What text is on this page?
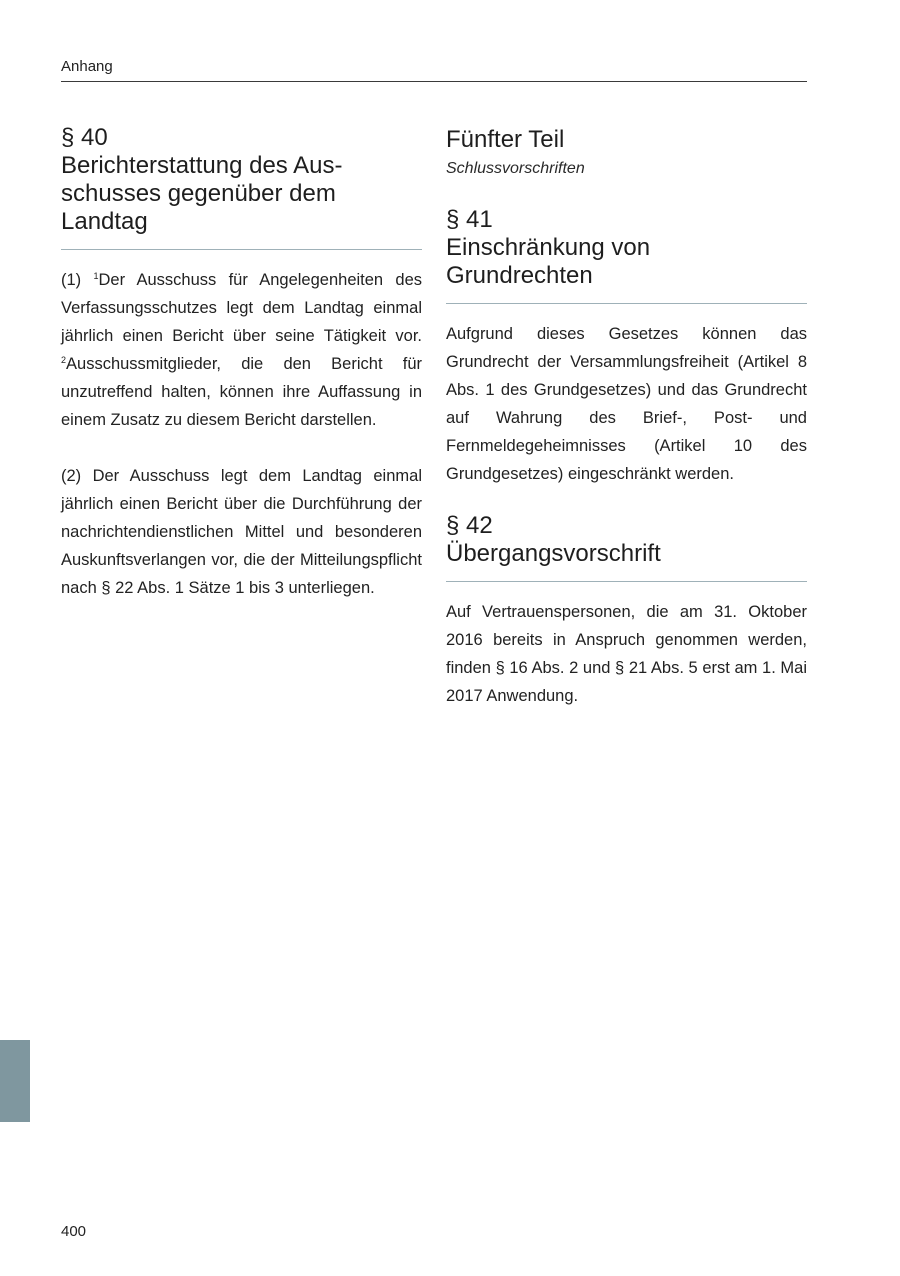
Anhang
§ 40
Berichterstattung des Aus-
schusses gegenüber dem
Landtag

(1) $^1$Der Ausschuss für Angelegenheiten des Verfassungsschutzes legt dem Landtag einmal jährlich einen Bericht über seine Tätigkeit vor. $^2$Ausschussmitglieder, die den Bericht für unzutreffend halten, können ihre Auffassung in einem Zusatz zu diesem Bericht darstellen.

(2) Der Ausschuss legt dem Landtag einmal jährlich einen Bericht über die Durchführung der nachrichtendienstlichen Mittel und besonderen Auskunftsverlangen vor, die der Mitteilungspflicht nach § 22 Abs. 1 Sätze 1 bis 3 unterliegen.

Fünfter Teil
Schlussvorschriften
§ 41
Einschränkung von
Grundrechten

Aufgrund dieses Gesetzes können das Grundrecht der Versammlungsfreiheit (Artikel 8 Abs. 1 des Grundgesetzes) und das Grundrecht auf Wahrung des Brief-, Post- und Fernmeldegeheimnisses (Artikel 10 des Grundgesetzes) eingeschränkt werden.

§ 42
Übergangsvorschrift

Auf Vertrauenspersonen, die am 31. Oktober 2016 bereits in Anspruch genommen werden, finden § 16 Abs. 2 und § 21 Abs. 5 erst am 1. Mai 2017 Anwendung.

400
